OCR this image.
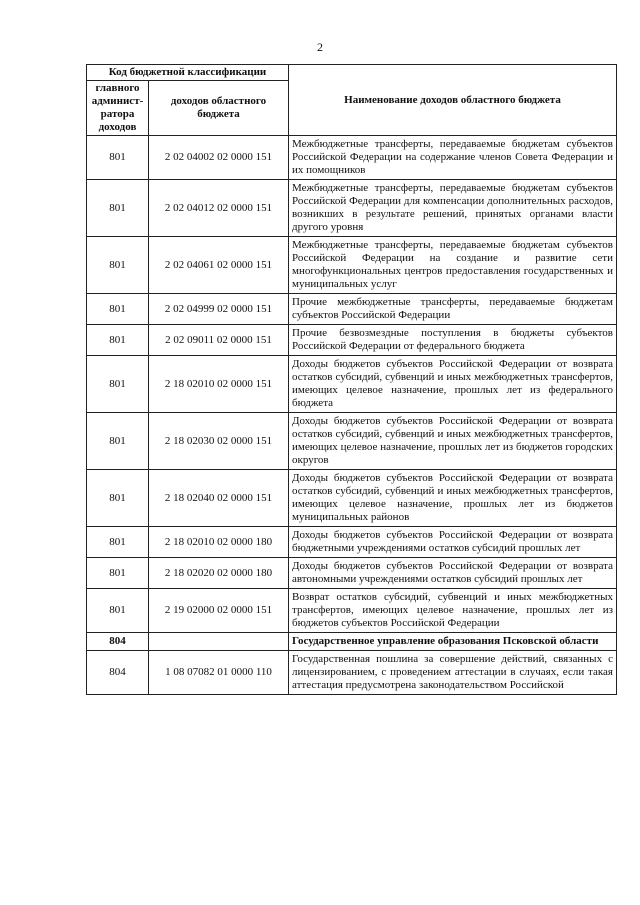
2
Код бюджетной классификации		Наименование доходов областного бюджета
главного админист-ратора доходов	доходов областного бюджета	
801	2 02 04002 02 0000 151	Межбюджетные трансферты, передаваемые бюджетам субъектов Российской Федерации на содержание членов Совета Федерации и их помощников
801	2 02 04012 02 0000 151	Межбюджетные трансферты, передаваемые бюджетам субъектов Российской Федерации для компенсации дополнительных расходов, возникших в результате решений, принятых органами власти другого уровня
801	2 02 04061 02 0000 151	Межбюджетные трансферты, передаваемые бюджетам субъектов Российской Федерации на создание и развитие сети многофункциональных центров предоставления государственных и муниципальных услуг
801	2 02 04999 02 0000 151	Прочие межбюджетные трансферты, передаваемые бюджетам субъектов Российской Федерации
801	2 02 09011 02 0000 151	Прочие безвозмездные поступления в бюджеты субъектов Российской Федерации от федерального бюджета
801	2 18 02010 02 0000 151	Доходы бюджетов субъектов Российской Федерации от возврата остатков субсидий, субвенций и иных межбюджетных трансфертов, имеющих целевое назначение, прошлых лет из федерального бюджета
801	2 18 02030 02 0000 151	Доходы бюджетов субъектов Российской Федерации от возврата остатков субсидий, субвенций и иных межбюджетных трансфертов, имеющих целевое назначение, прошлых лет из бюджетов городских округов
801	2 18 02040 02 0000 151	Доходы бюджетов субъектов Российской Федерации от возврата остатков субсидий, субвенций и иных межбюджетных трансфертов, имеющих целевое назначение, прошлых лет из бюджетов муниципальных районов
801	2 18 02010 02 0000 180	Доходы бюджетов субъектов Российской Федерации от возврата бюджетными учреждениями остатков субсидий прошлых лет
801	2 18 02020 02 0000 180	Доходы бюджетов субъектов Российской Федерации от возврата автономными учреждениями остатков субсидий прошлых лет
801	2 19 02000 02 0000 151	Возврат остатков субсидий, субвенций и иных межбюджетных трансфертов, имеющих целевое назначение, прошлых лет из бюджетов субъектов Российской Федерации
804		Государственное управление образования Псковской области
804	1 08 07082 01 0000 110	Государственная пошлина за совершение действий, связанных с лицензированием, с проведением аттестации в случаях, если такая аттестация предусмотрена законодательством Российской
